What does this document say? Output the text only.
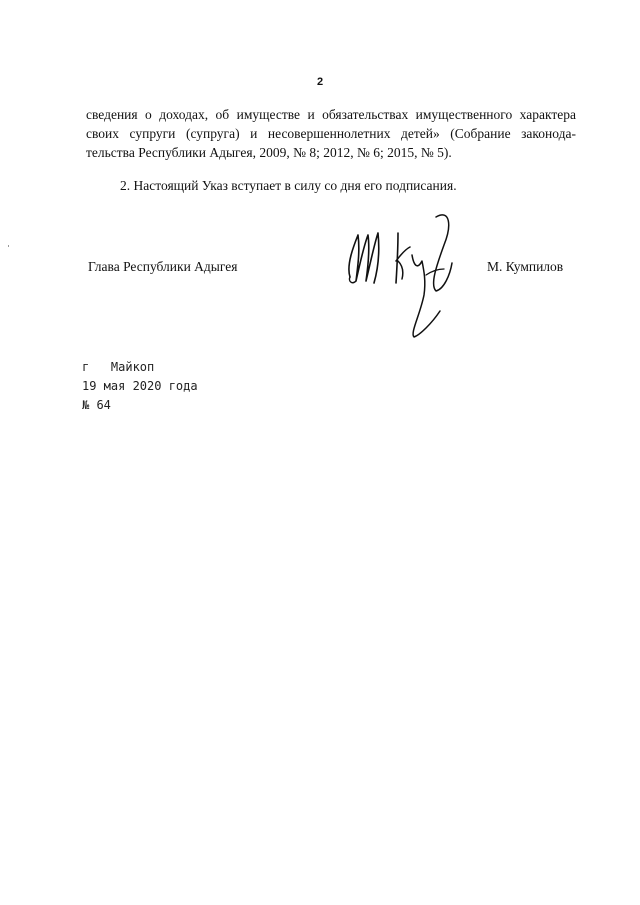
2
сведения о доходах, об имуществе и обязательствах имущественного характера
своих супруги (супруга) и несовершеннолетних детей» (Собрание законода-
тельства Республики Адыгея, 2009, № 8; 2012, № 6; 2015, № 5).
2. Настоящий Указ вступает в силу со дня его подписания.
Глава Республики Адыгея	М. Кумпилов
г   Майкоп
19 мая 2020 года
№ 64
